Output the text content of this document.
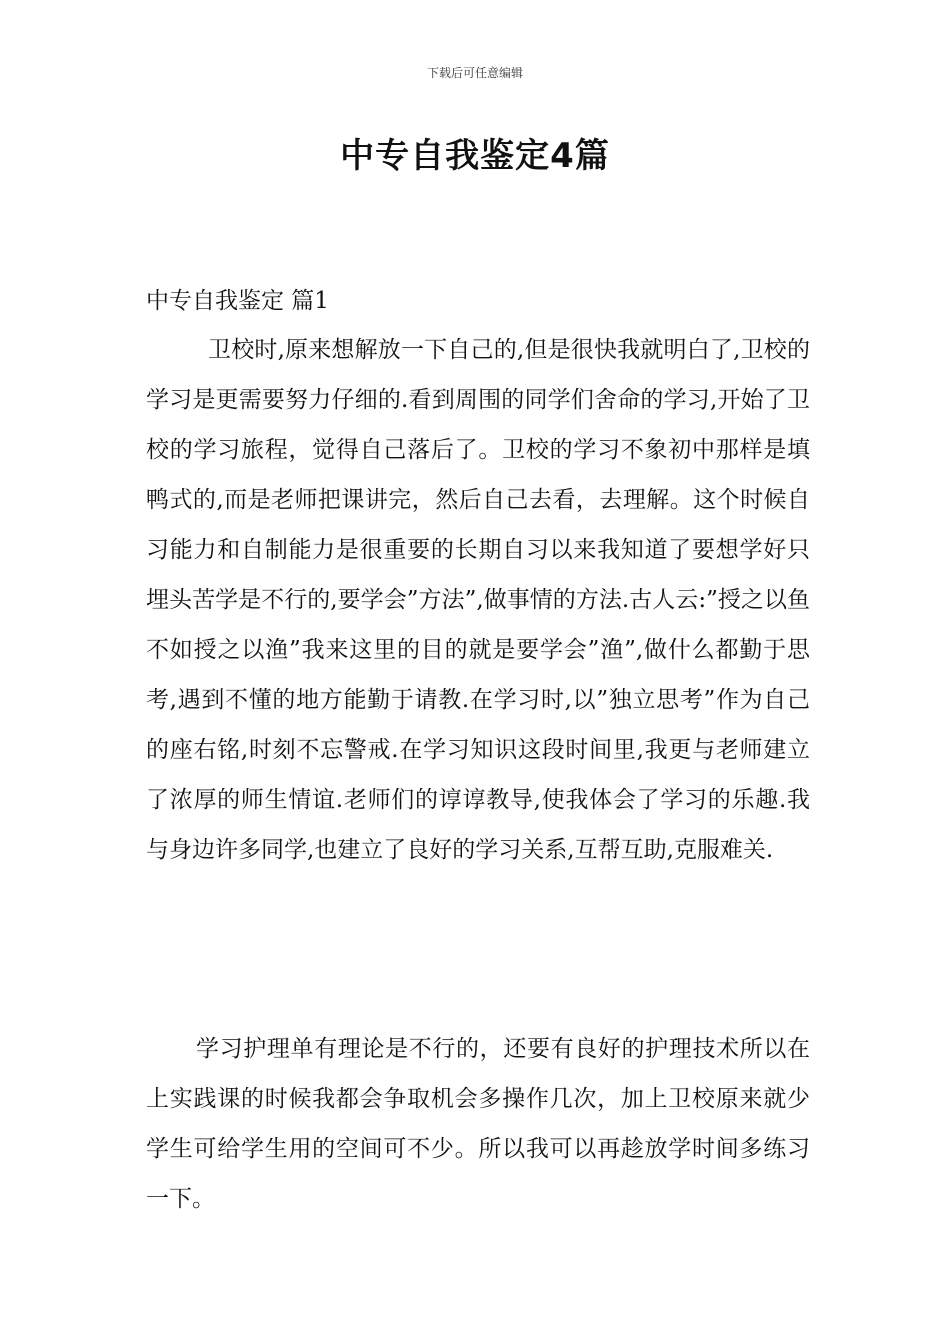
下载后可任意编辑
中专自我鉴定4篇
中专自我鉴定 篇1

卫校时,原来想解放一下自己的,但是很快我就明白了,卫校的学习是更需要努力仔细的.看到周围的同学们舍命的学习,开始了卫校的学习旅程，觉得自己落后了。卫校的学习不象初中那样是填鸭式的,而是老师把课讲完，然后自己去看，去理解。这个时候自习能力和自制能力是很重要的长期自习以来我知道了要想学好只埋头苦学是不行的,要学会”方法”,做事情的方法.古人云:”授之以鱼不如授之以渔”我来这里的目的就是要学会”渔”,做什么都勤于思考,遇到不懂的地方能勤于请教.在学习时,以”独立思考”作为自己的座右铭,时刻不忘警戒.在学习知识这段时间里,我更与老师建立了浓厚的师生情谊.老师们的谆谆教导,使我体会了学习的乐趣.我与身边许多同学,也建立了良好的学习关系,互帮互助,克服难关.

学习护理单有理论是不行的，还要有良好的护理技术所以在上实践课的时候我都会争取机会多操作几次，加上卫校原来就少学生可给学生用的空间可不少。所以我可以再趁放学时间多练习一下。
